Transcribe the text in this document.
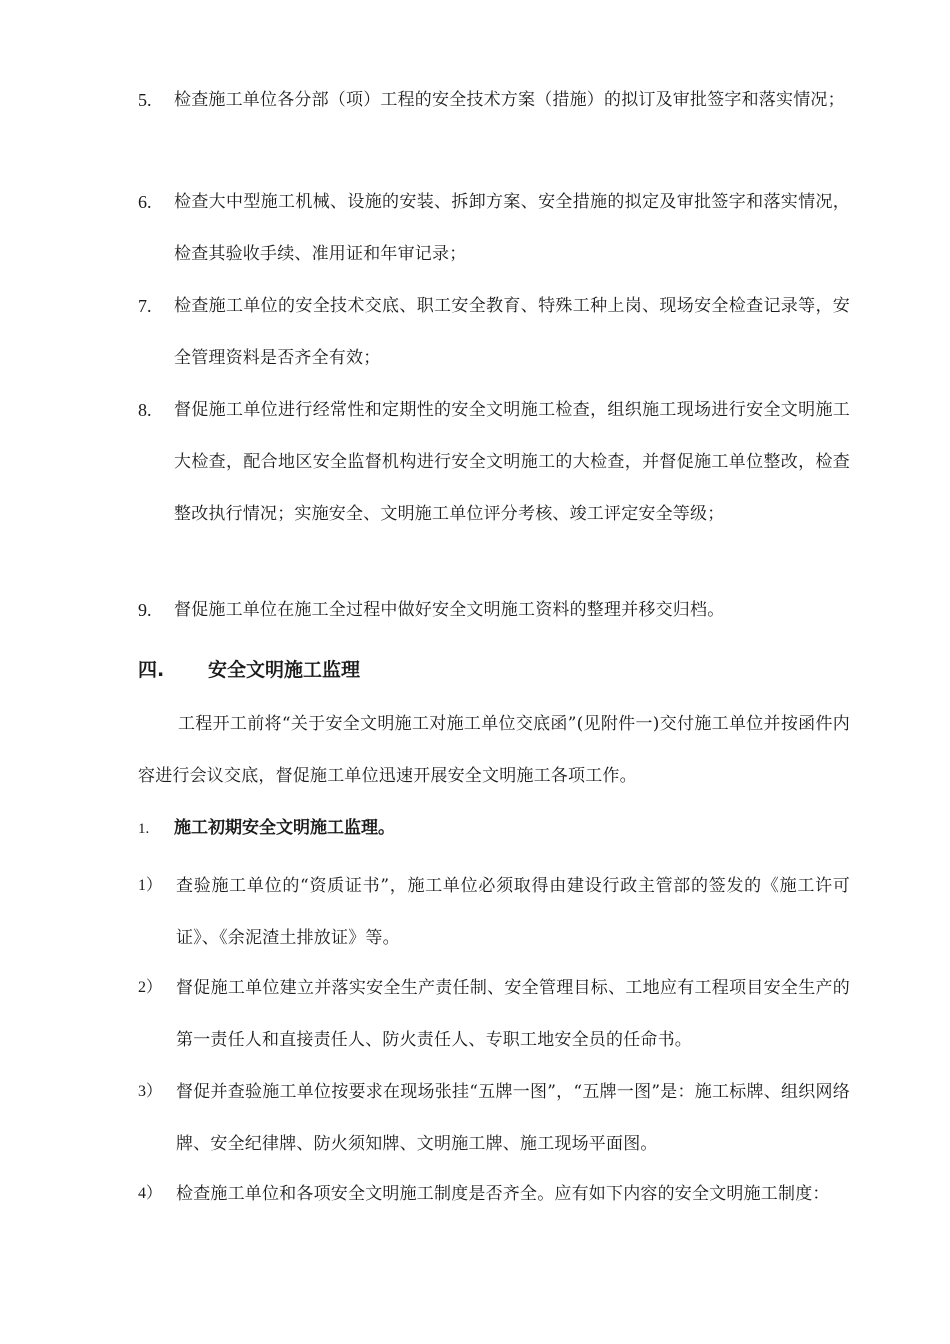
5.	检查施工单位各分部（项）工程的安全技术方案（措施）的拟订及审批签字和落实情况；
6.	检查大中型施工机械、设施的安装、拆卸方案、安全措施的拟定及审批签字和落实情况，检查其验收手续、准用证和年审记录；
7.	检查施工单位的安全技术交底、职工安全教育、特殊工种上岗、现场安全检查记录等，安全管理资料是否齐全有效；
8.	督促施工单位进行经常性和定期性的安全文明施工检查，组织施工现场进行安全文明施工大检查，配合地区安全监督机构进行安全文明施工的大检查，并督促施工单位整改，检查整改执行情况；实施安全、文明施工单位评分考核、竣工评定安全等级；
9.	督促施工单位在施工全过程中做好安全文明施工资料的整理并移交归档。
四. 安全文明施工监理
工程开工前将“关于安全文明施工对施工单位交底函”(见附件一)交付施工单位并按函件内容进行会议交底，督促施工单位迅速开展安全文明施工各项工作。
1. 施工初期安全文明施工监理。
1） 查验施工单位的“资质证书”，施工单位必须取得由建设行政主管部的签发的《施工许可证》、《余泥渣土排放证》等。
2） 督促施工单位建立并落实安全生产责任制、安全管理目标、工地应有工程项目安全生产的第一责任人和直接责任人、防火责任人、专职工地安全员的任命书。
3） 督促并查验施工单位按要求在现场张挂“五牌一图”，“五牌一图”是：施工标牌、组织网络牌、安全纪律牌、防火须知牌、文明施工牌、施工现场平面图。
4） 检查施工单位和各项安全文明施工制度是否齐全。应有如下内容的安全文明施工制度：
